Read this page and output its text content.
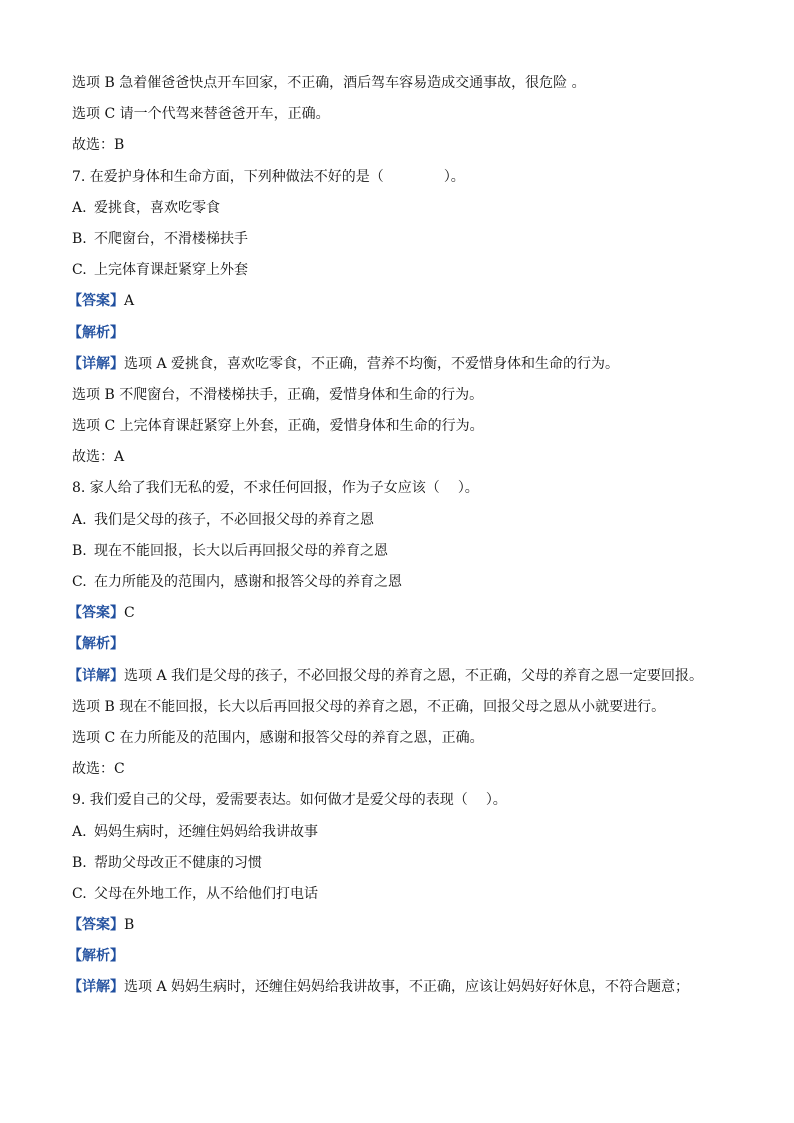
选项 B 急着催爸爸快点开车回家，不正确，酒后驾车容易造成交通事故，很危险 。
选项 C 请一个代驾来替爸爸开车，正确。
故选：B
7. 在爱护身体和生命方面，下列种做法不好的是（	）。
A. 爱挑食，喜欢吃零食
B. 不爬窗台，不滑楼梯扶手
C. 上完体育课赶紧穿上外套
【答案】A
【解析】
【详解】选项 A 爱挑食，喜欢吃零食，不正确，营养不均衡，不爱惜身体和生命的行为。
选项 B 不爬窗台，不滑楼梯扶手，正确，爱惜身体和生命的行为。
选项 C 上完体育课赶紧穿上外套，正确，爱惜身体和生命的行为。
故选：A
8. 家人给了我们无私的爱，不求任何回报，作为子女应该（ ）。
A. 我们是父母的孩子，不必回报父母的养育之恩
B. 现在不能回报，长大以后再回报父母的养育之恩
C. 在力所能及的范围内，感谢和报答父母的养育之恩
【答案】C
【解析】
【详解】选项 A 我们是父母的孩子，不必回报父母的养育之恩，不正确，父母的养育之恩一定要回报。
选项 B 现在不能回报，长大以后再回报父母的养育之恩，不正确，回报父母之恩从小就要进行。
选项 C 在力所能及的范围内，感谢和报答父母的养育之恩，正确。
故选：C
9. 我们爱自己的父母，爱需要表达。如何做才是爱父母的表现（ ）。
A. 妈妈生病时，还缠住妈妈给我讲故事
B. 帮助父母改正不健康的习惯
C. 父母在外地工作，从不给他们打电话
【答案】B
【解析】
【详解】选项 A 妈妈生病时，还缠住妈妈给我讲故事，不正确，应该让妈妈好好休息，不符合题意；
